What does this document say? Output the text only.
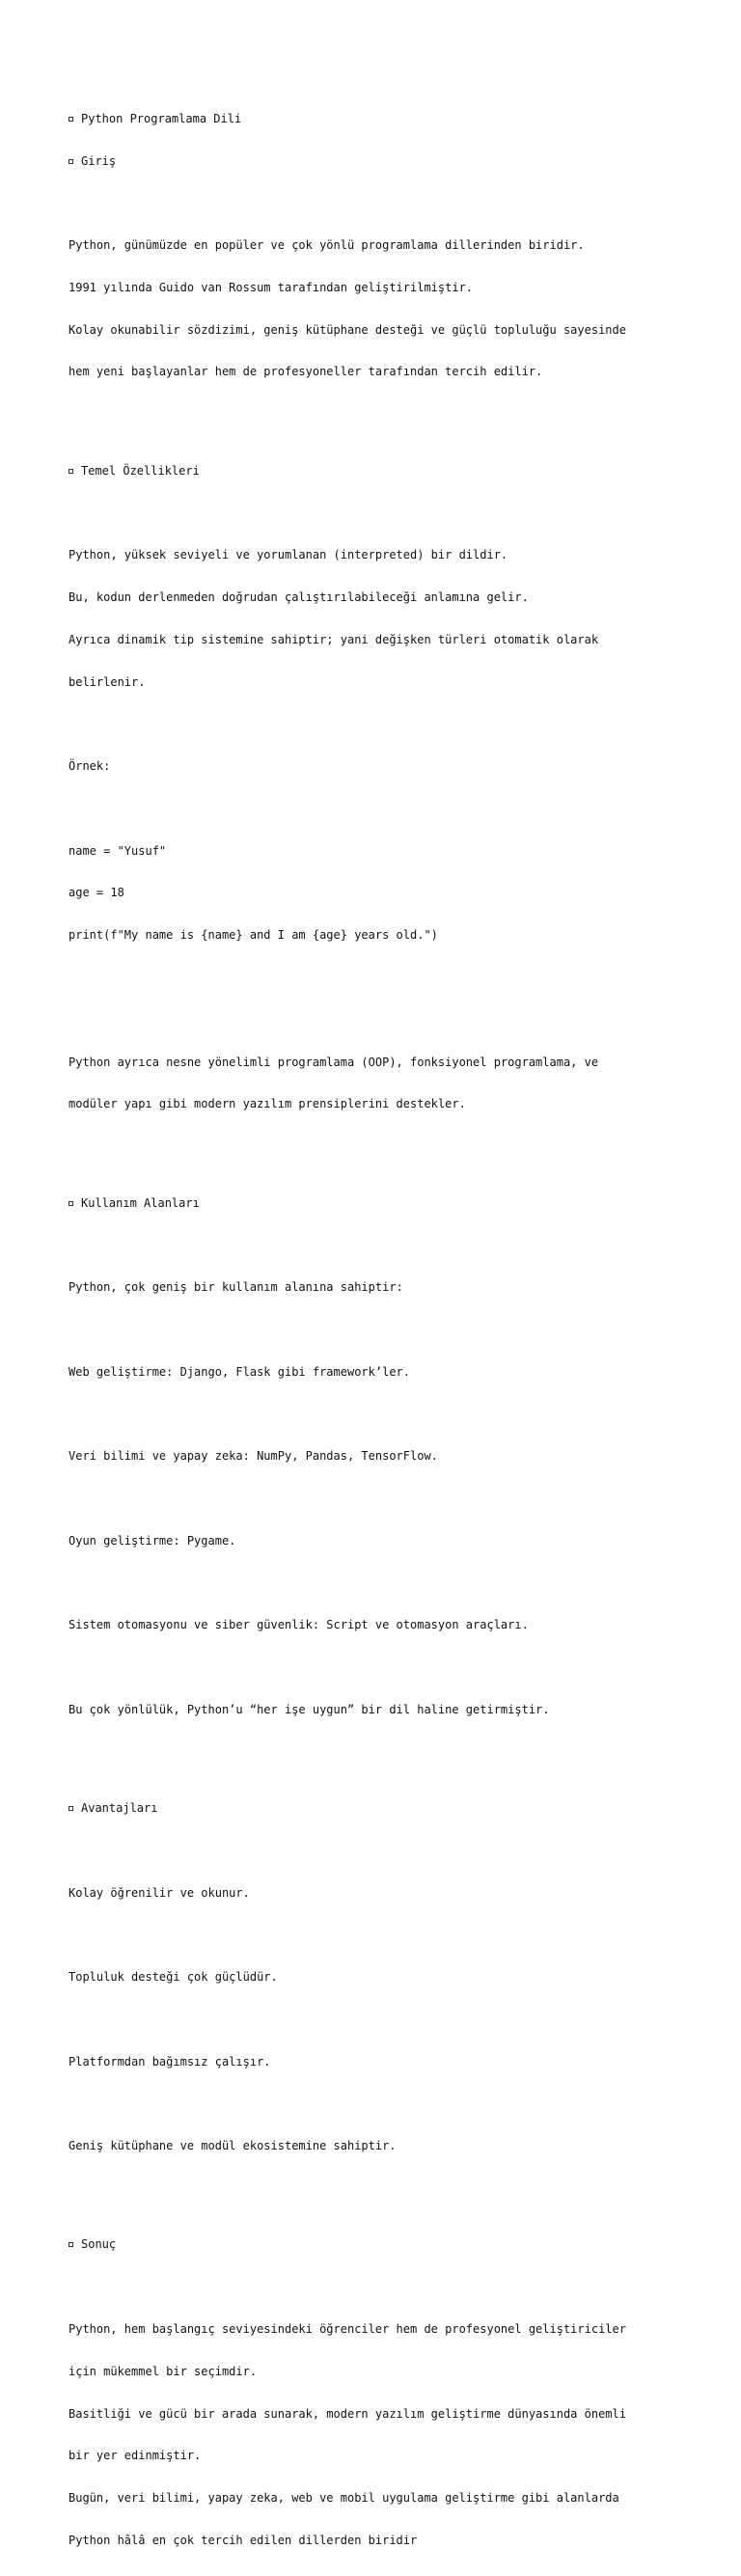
Python Programlama Dili

Giriş

Python, günümüzde en popüler ve çok yönlü programlama dillerinden biridir.

1991 yılında Guido van Rossum tarafından geliştirilmiştir.

Kolay okunabilir sözdizimi, geniş kütüphane desteği ve güçlü topluluğu sayesinde

hem yeni başlayanlar hem de profesyoneller tarafından tercih edilir.

Temel Özellikleri

Python, yüksek seviyeli ve yorumlanan (interpreted) bir dildir.

Bu, kodun derlenmeden doğrudan çalıştırılabileceği anlamına gelir.

Ayrıca dinamik tip sistemine sahiptir; yani değişken türleri otomatik olarak

belirlenir.

Örnek:

name = "Yusuf"

age = 18

print(f"My name is {name} and I am {age} years old.")

Python ayrıca nesne yönelimli programlama (OOP), fonksiyonel programlama, ve

modüler yapı gibi modern yazılım prensiplerini destekler.

Kullanım Alanları

Python, çok geniş bir kullanım alanına sahiptir:

Web geliştirme: Django, Flask gibi framework’ler.

Veri bilimi ve yapay zeka: NumPy, Pandas, TensorFlow.

Oyun geliştirme: Pygame.

Sistem otomasyonu ve siber güvenlik: Script ve otomasyon araçları.

Bu çok yönlülük, Python’u “her işe uygun” bir dil haline getirmiştir.

Avantajları

Kolay öğrenilir ve okunur.

Topluluk desteği çok güçlüdür.

Platformdan bağımsız çalışır.

Geniş kütüphane ve modül ekosistemine sahiptir.

Sonuç

Python, hem başlangıç seviyesindeki öğrenciler hem de profesyonel geliştiriciler

için mükemmel bir seçimdir.

Basitliği ve gücü bir arada sunarak, modern yazılım geliştirme dünyasında önemli

bir yer edinmiştir.

Bugün, veri bilimi, yapay zeka, web ve mobil uygulama geliştirme gibi alanlarda

Python hâlâ en çok tercih edilen dillerden biridir
